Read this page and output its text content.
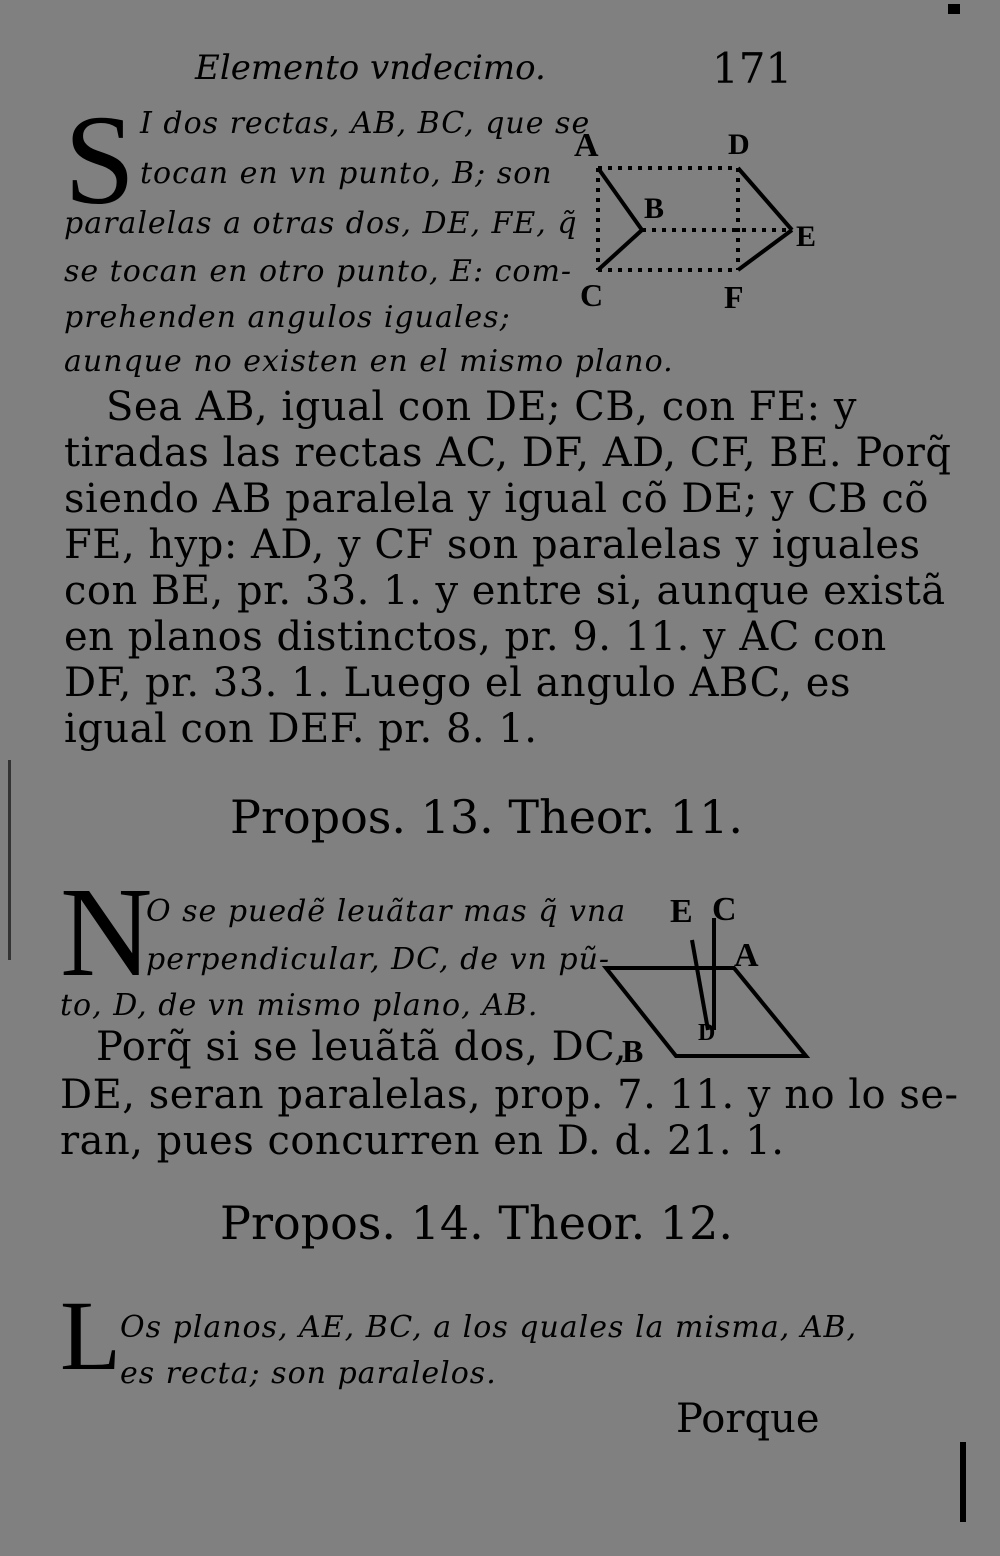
Elemento vndecimo.	171
S I dos rectas, AB, BC, que se
tocan en vn punto, B; son
paralelas a otras dos, DE, FE, q̃
se tocan en otro punto, E: com-
prehenden angulos iguales;
aunque no existen en el mismo plano.
A	D
B
E
C	F
Sea AB, igual con DE; CB, con FE: y
tiradas las rectas AC, DF, AD, CF, BE. Porq̃
siendo AB paralela y igual cõ DE; y CB cõ
FE, hyp: AD, y CF son paralelas y iguales
con BE, pr. 33. 1. y entre si, aunque existã
en planos distinctos, pr. 9. 11. y AC con
DF, pr. 33. 1. Luego el angulo ABC, es
igual con DEF. pr. 8. 1.
Propos. 13. Theor. 11.
N
O se puedẽ leuãtar mas q̃ vna
perpendicular, DC, de vn pũ-
to, D, de vn mismo plano, AB.
E C
A
D
B
Porq̃ si se leuãtã dos, DC,
DE, seran paralelas, prop. 7. 11. y no lo se-
ran, pues concurren en D. d. 21. 1.
Propos. 14. Theor. 12.
L
Os planos, AE, BC, a los quales la misma, AB,
es recta; son paralelos.
Porque
